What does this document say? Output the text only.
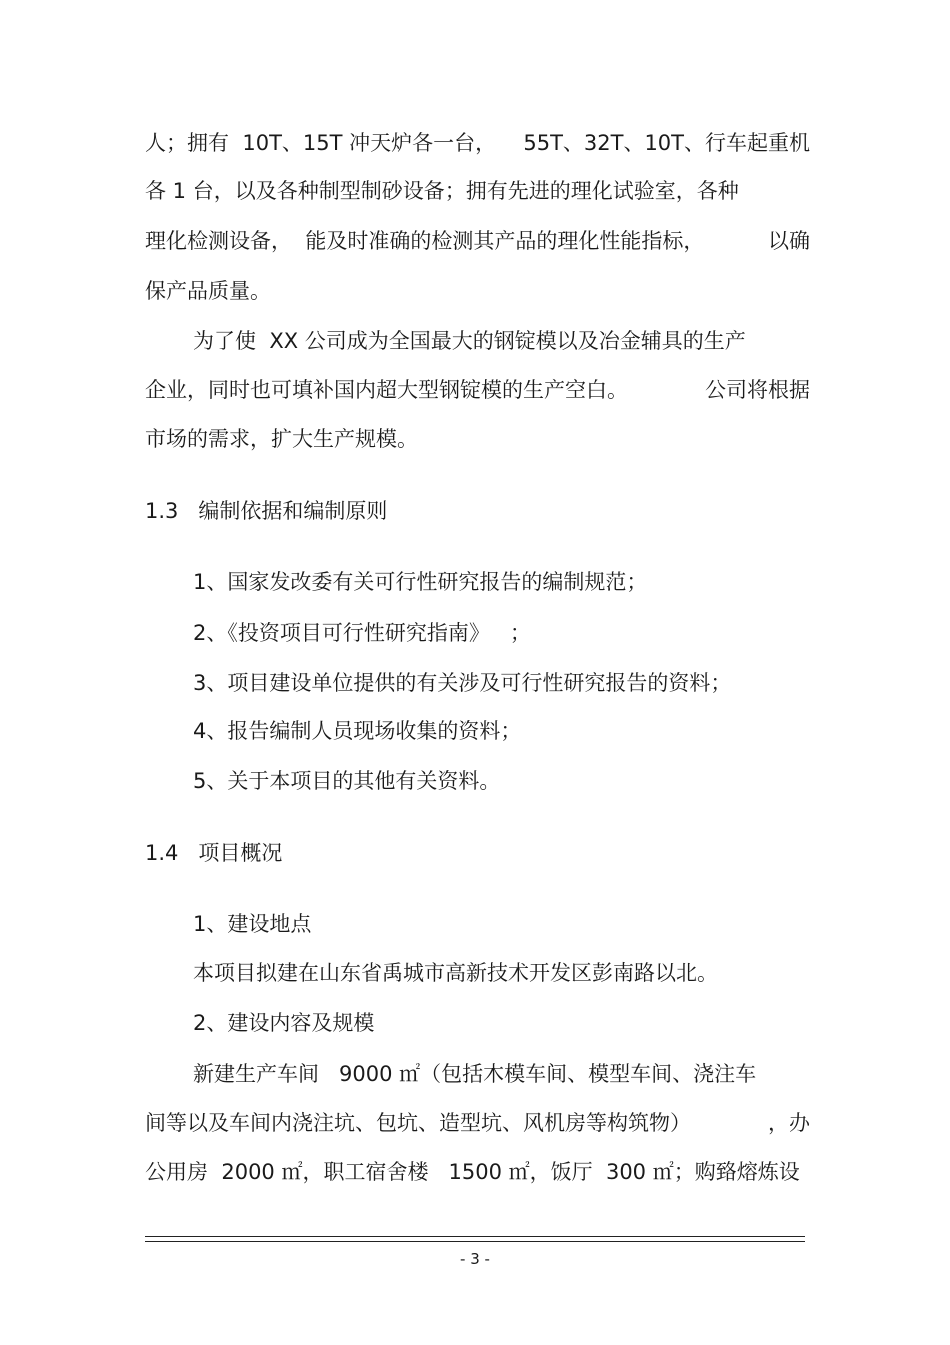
人；拥有  10T、15T 冲天炉各一台， 55T、32T、10T、行车起重机

各 1 台，以及各种制型制砂设备；拥有先进的理化试验室，各种

理化检测设备，  能及时准确的检测其产品的理化性能指标，	以确

保产品质量。

为了使  XX 公司成为全国最大的钢锭模以及冶金辅具的生产

企业，同时也可填补国内超大型钢锭模的生产空白。	公司将根据

市场的需求，扩大生产规模。

1.3   编制依据和编制原则

1、国家发改委有关可行性研究报告的编制规范；

2、《投资项目可行性研究指南》   ；

3、项目建设单位提供的有关涉及可行性研究报告的资料；

4、报告编制人员现场收集的资料；

5、关于本项目的其他有关资料。

1.4   项目概况

1、建设地点

本项目拟建在山东省禹城市高新技术开发区彭南路以北。

2、建设内容及规模

新建生产车间   9000 ㎡（包括木模车间、模型车间、浇注车

间等以及车间内浇注坑、包坑、造型坑、风机房等构筑物）	，办

公用房  2000 ㎡，职工宿舍楼   1500 ㎡，饭厅  300 ㎡；购臵熔炼设

- 3 -
